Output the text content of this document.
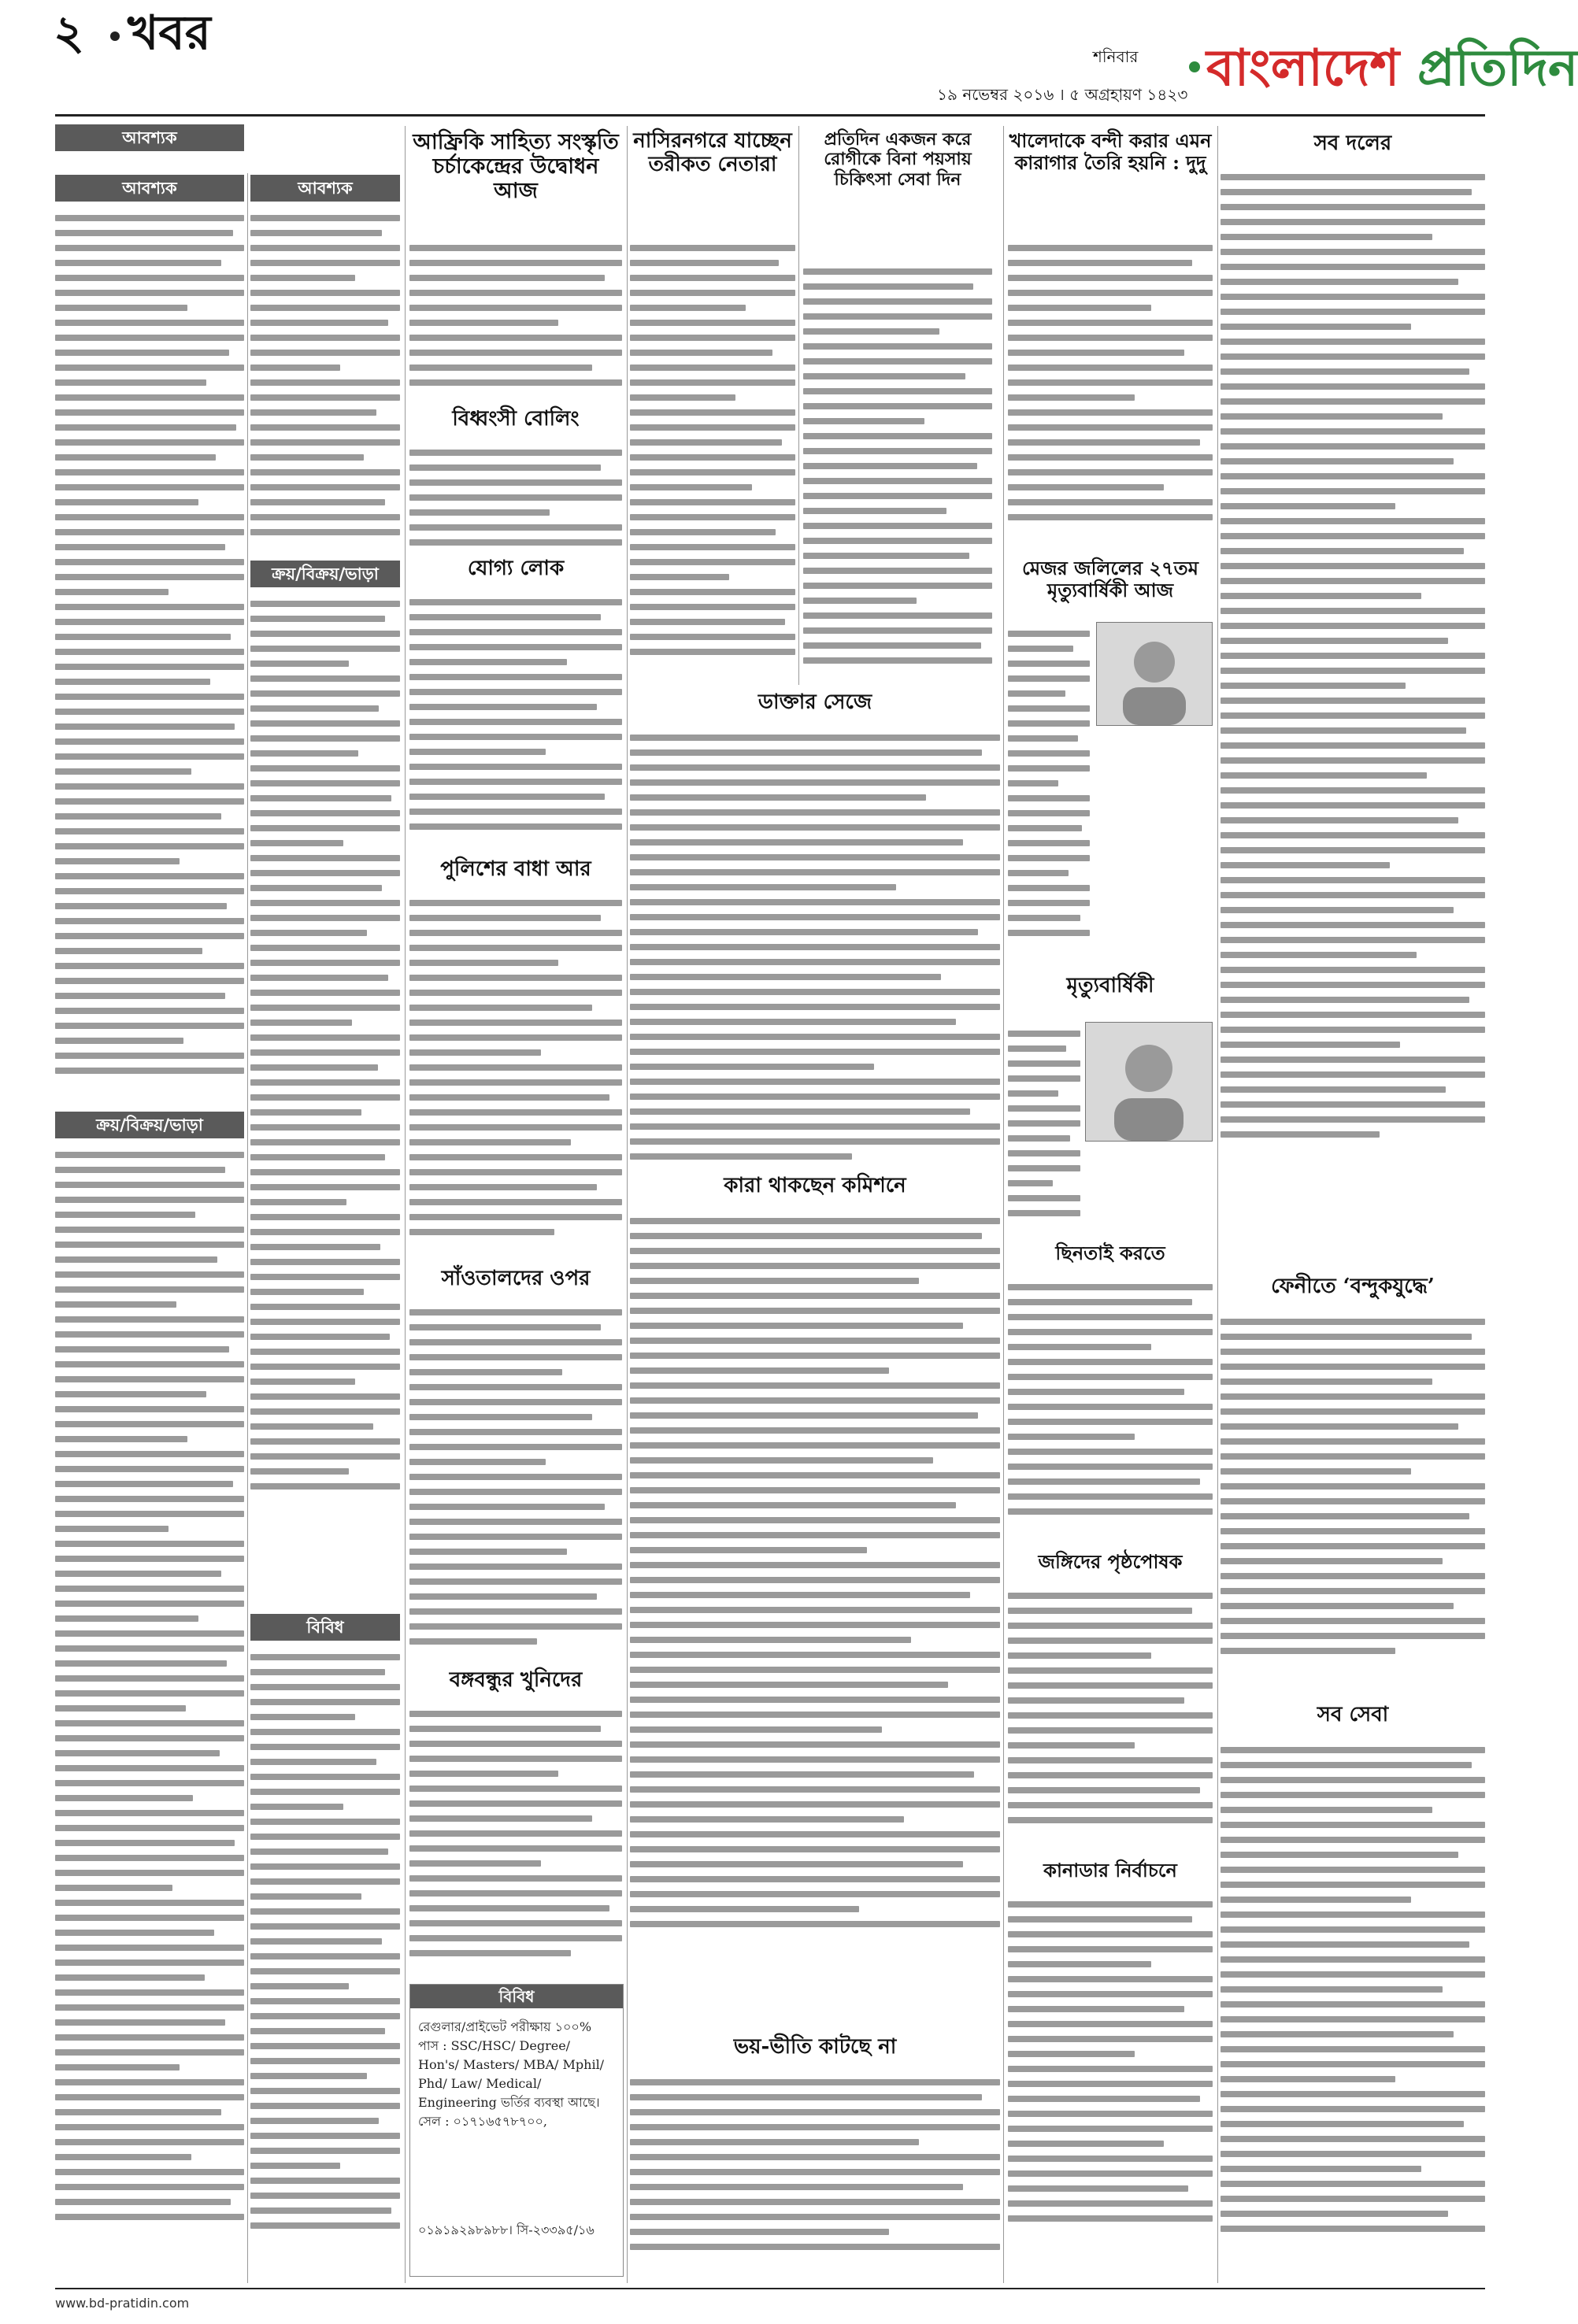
২ খবর	শনিবার
১৯ নভেম্বর ২০১৬ । ৫ অগ্রহায়ণ ১৪২৩ বাংলাদেশ প্রতিদিন
আবশ্যক
আবশ্যক
ক্রয়/বিক্রয়/ভাড়া
আবশ্যক
ক্রয়/বিক্রয়/ভাড়া
বিবিধ
আফ্রিকি সাহিত্য সংস্কৃতি চর্চাকেন্দ্রের উদ্বোধন আজ
বিধ্বংসী বোলিং
যোগ্য লোক
পুলিশের বাধা আর
সাঁওতালদের ওপর
বঙ্গবন্ধুর খুনিদের
বিবিধ
রেগুলার/প্রাইভেট পরীক্ষায় ১০০% পাস : SSC/HSC/ Degree/ Hon's/ Masters/ MBA/ Mphil/ Phd/ Law/ Medical/ Engineering ভর্তির ব্যবস্থা আছে। সেল : ০১৭১৬৫৭৮৭০০,
০১৯১৯২৯৮৯৮৮। সি-২৩৩৯৫/১৬
নাসিরনগরে যাচ্ছেন তরীকত নেতারা
ডাক্তার সেজে
কারা থাকছেন কমিশনে
ভয়-ভীতি কাটছে না
প্রতিদিন একজন করে রোগীকে বিনা পয়সায় চিকিৎসা সেবা দিন
খালেদাকে বন্দী করার এমন কারাগার তৈরি হয়নি : দুদু
মেজর জলিলের ২৭তম মৃত্যুবার্ষিকী আজ
মৃত্যুবার্ষিকী
ছিনতাই করতে
জঙ্গিদের পৃষ্ঠপোষক
কানাডার নির্বাচনে
সব দলের
ফেনীতে ‘বন্দুকযুদ্ধে’
সব সেবা
www.bd-pratidin.com
